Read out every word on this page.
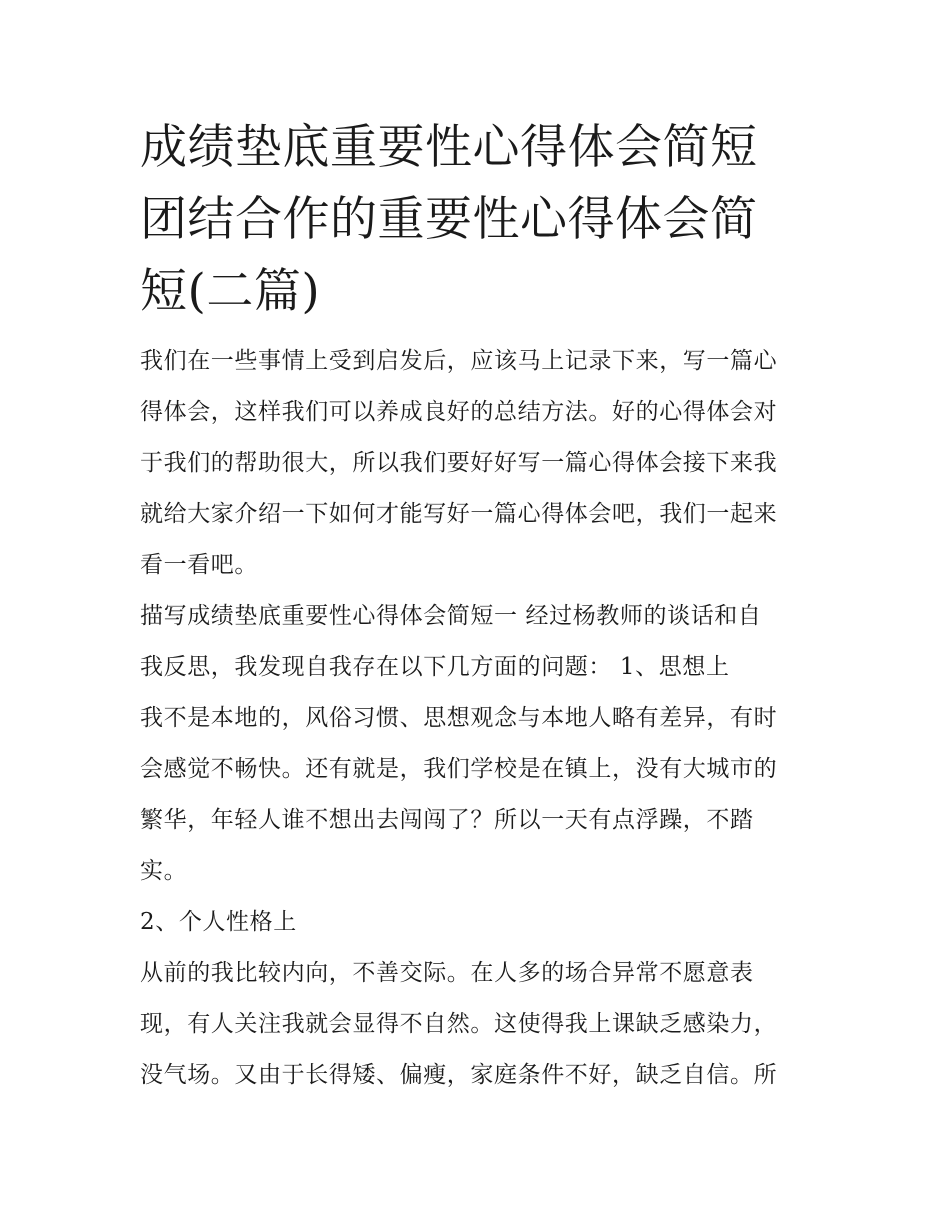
成绩垫底重要性心得体会简短
团结合作的重要性心得体会简
短(二篇)

我们在一些事情上受到启发后，应该马上记录下来，写一篇心
得体会，这样我们可以养成良好的总结方法。好的心得体会对
于我们的帮助很大，所以我们要好好写一篇心得体会接下来我
就给大家介绍一下如何才能写好一篇心得体会吧，我们一起来
看一看吧。

描写成绩垫底重要性心得体会简短一 经过杨教师的谈话和自
我反思，我发现自我存在以下几方面的问题： 1、思想上

我不是本地的，风俗习惯、思想观念与本地人略有差异，有时
会感觉不畅快。还有就是，我们学校是在镇上，没有大城市的
繁华，年轻人谁不想出去闯闯了？所以一天有点浮躁，不踏
实。

2、个人性格上

从前的我比较内向，不善交际。在人多的场合异常不愿意表
现，有人关注我就会显得不自然。这使得我上课缺乏感染力，
没气场。又由于长得矮、偏瘦，家庭条件不好，缺乏自信。所
